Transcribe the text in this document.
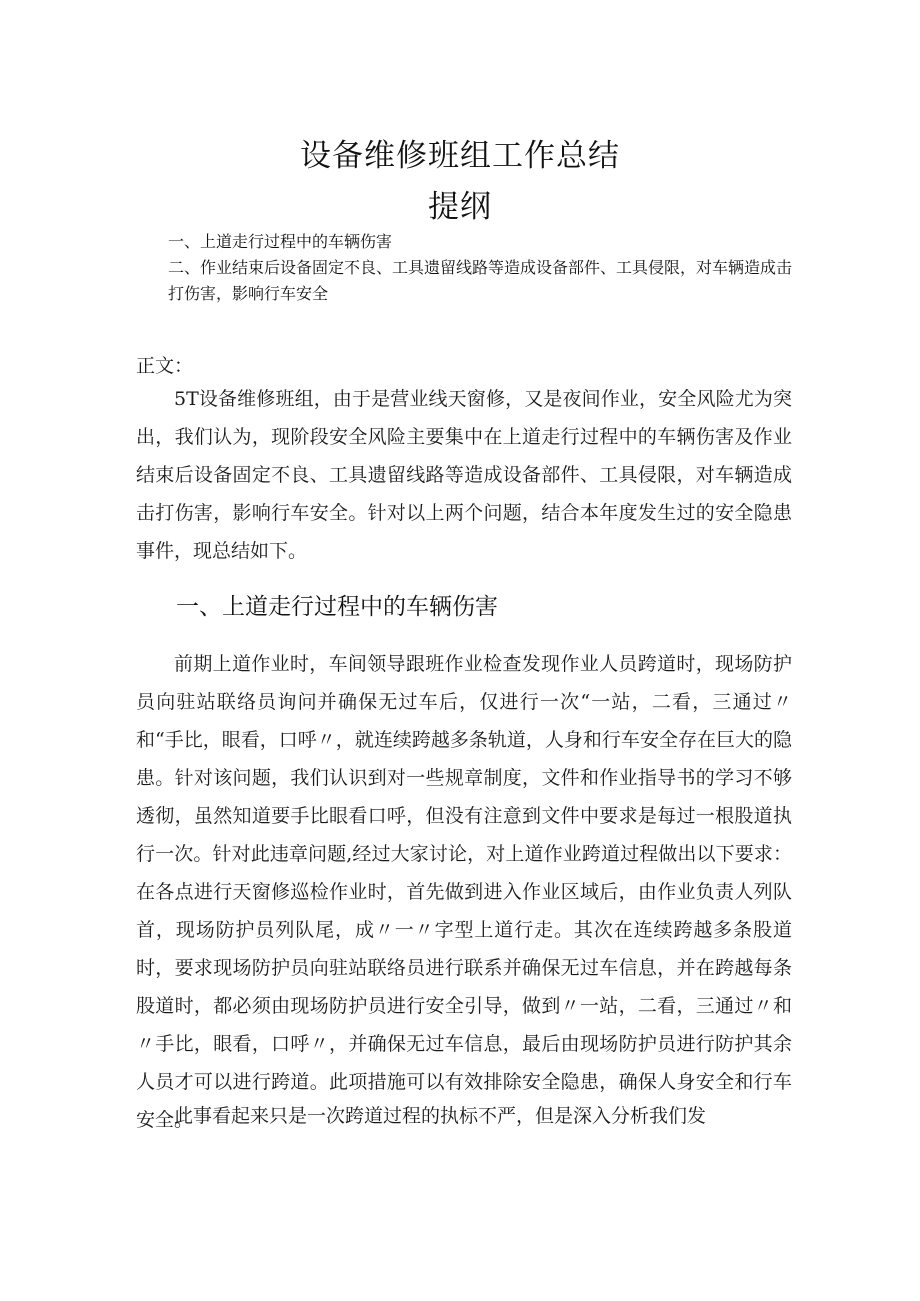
设备维修班组工作总结
提纲
一、上道走行过程中的车辆伤害
二、作业结束后设备固定不良、工具遗留线路等造成设备部件、工具侵限，对车辆造成击打伤害，影响行车安全

正文：

5T设备维修班组，由于是营业线天窗修，又是夜间作业，安全风险尤为突出，我们认为，现阶段安全风险主要集中在上道走行过程中的车辆伤害及作业结束后设备固定不良、工具遗留线路等造成设备部件、工具侵限，对车辆造成击打伤害，影响行车安全。针对以上两个问题，结合本年度发生过的安全隐患事件，现总结如下。

一、上道走行过程中的车辆伤害

前期上道作业时，车间领导跟班作业检查发现作业人员跨道时，现场防护员向驻站联络员询问并确保无过车后，仅进行一次“一站，二看，三通过〃和“手比，眼看，口呼〃，就连续跨越多条轨道，人身和行车安全存在巨大的隐患。针对该问题，我们认识到对一些规章制度，文件和作业指导书的学习不够透彻，虽然知道要手比眼看口呼，但没有注意到文件中要求是每过一根股道执行一次。针对此违章问题,经过大家讨论，对上道作业跨道过程做出以下要求：在各点进行天窗修巡检作业时，首先做到进入作业区域后，由作业负责人列队首，现场防护员列队尾，成〃一〃字型上道行走。其次在连续跨越多条股道时，要求现场防护员向驻站联络员进行联系并确保无过车信息，并在跨越每条股道时，都必须由现场防护员进行安全引导，做到〃一站，二看，三通过〃和〃手比，眼看，口呼〃，并确保无过车信息，最后由现场防护员进行防护其余人员才可以进行跨道。此项措施可以有效排除安全隐患，确保人身安全和行车安全。

此事看起来只是一次跨道过程的执标不严，但是深入分析我们发
